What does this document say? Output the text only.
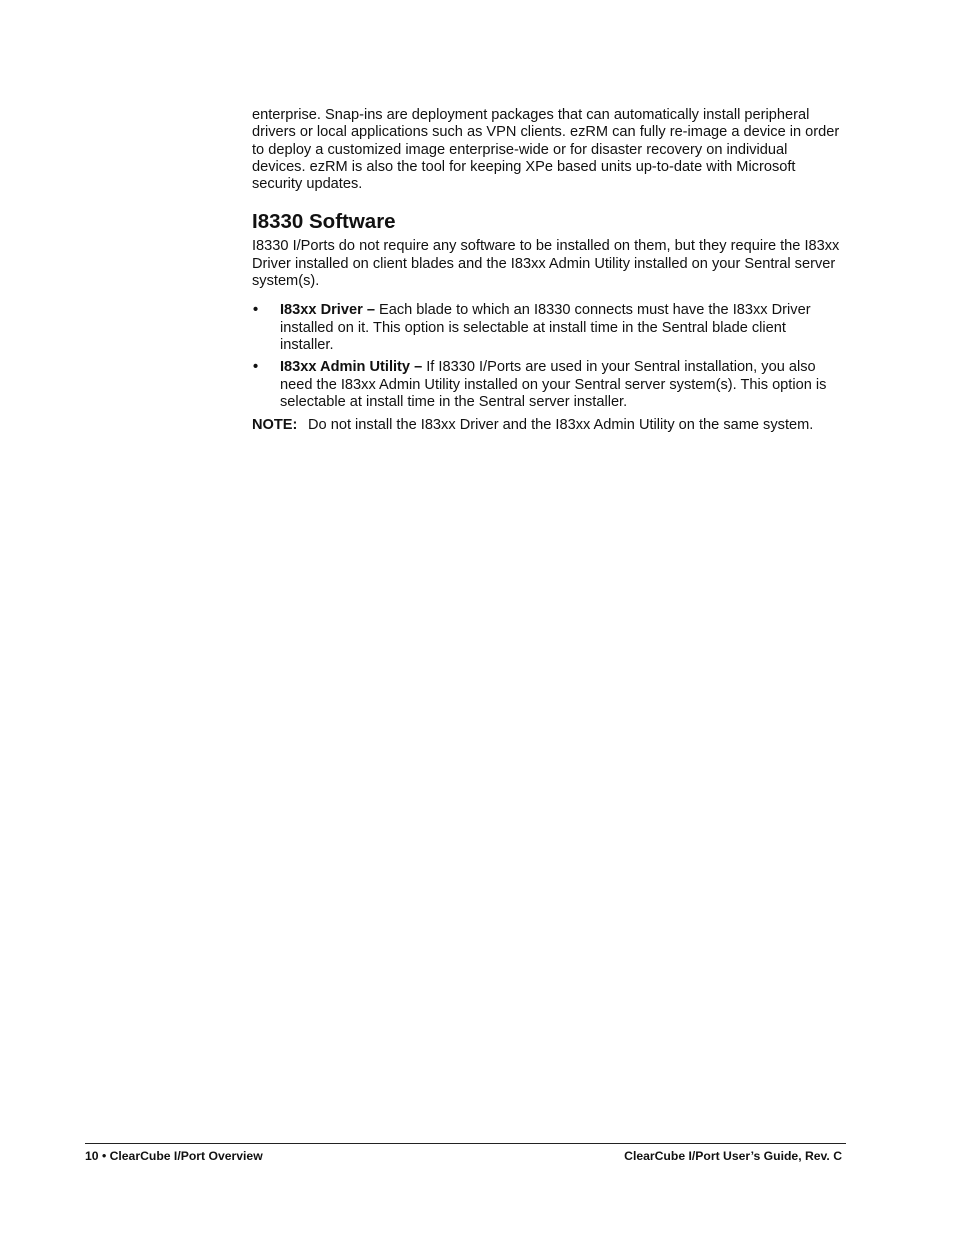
enterprise. Snap-ins are deployment packages that can automatically install peripheral drivers or local applications such as VPN clients. ezRM can fully re-image a device in order to deploy a customized image enterprise-wide or for disaster recovery on individual devices. ezRM is also the tool for keeping XPe based units up-to-date with Microsoft security updates.

I8330 Software

I8330 I/Ports do not require any software to be installed on them, but they require the I83xx Driver installed on client blades and the I83xx Admin Utility installed on your Sentral server system(s).

• I83xx Driver – Each blade to which an I8330 connects must have the I83xx Driver installed on it. This option is selectable at install time in the Sentral blade client installer.
• I83xx Admin Utility – If I8330 I/Ports are used in your Sentral installation, you also need the I83xx Admin Utility installed on your Sentral server system(s). This option is selectable at install time in the Sentral server installer.
NOTE: Do not install the I83xx Driver and the I83xx Admin Utility on the same system.
10 • ClearCube I/Port Overview	ClearCube I/Port User’s Guide, Rev. C
